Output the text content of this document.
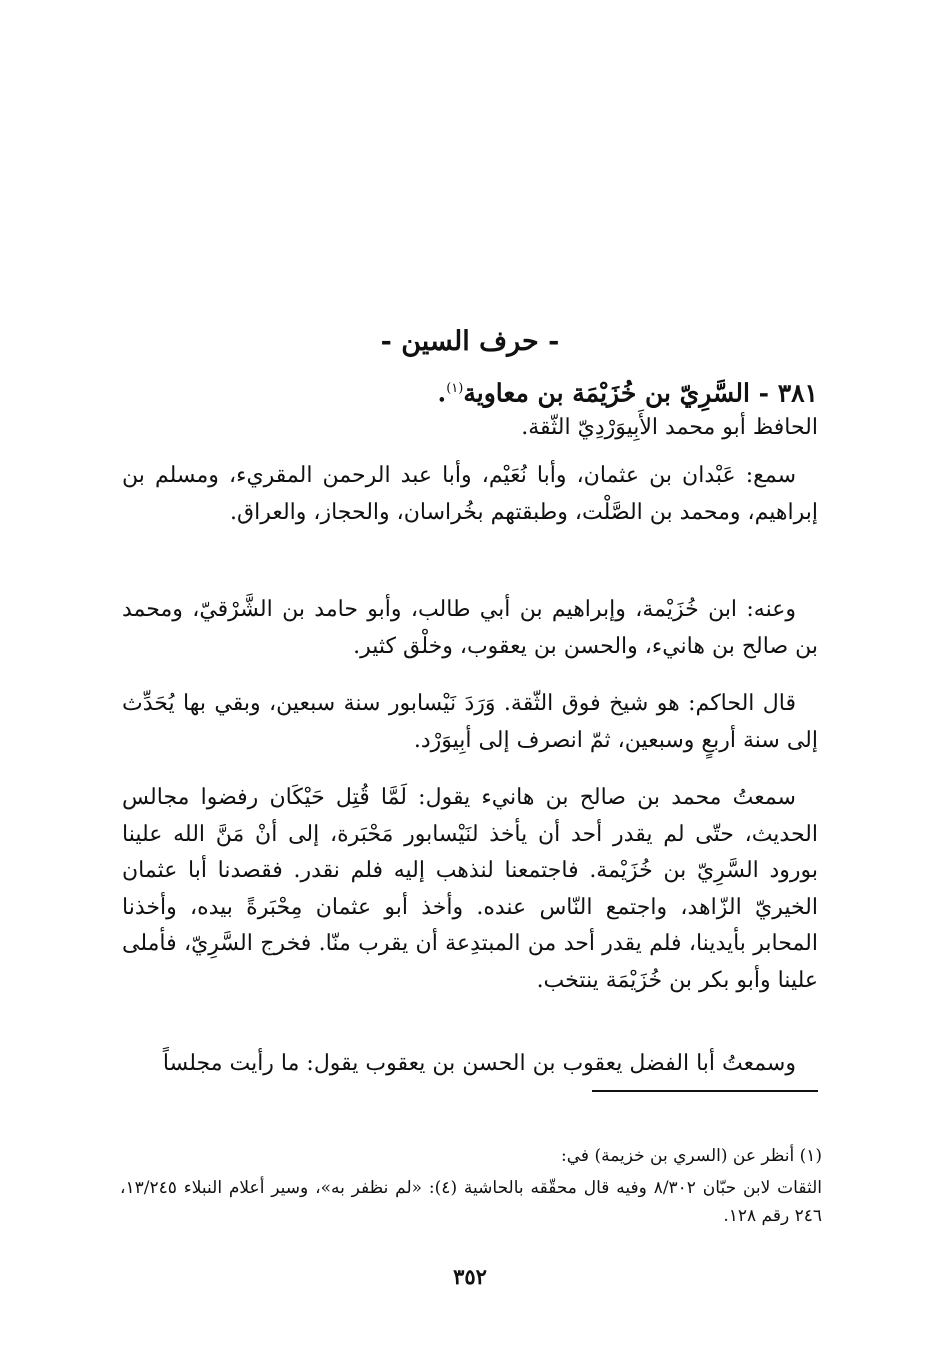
- حرف السين -
٣٨١ - السَّرِيّ بن خُزَيْمَة بن معاوية$^{(١)}$.
الحافظ أبو محمد الأَبِيوَرْدِيّ الثّقة.
سمع: عَبْدان بن عثمان، وأبا نُعَيْم، وأبا عبد الرحمن المقريء، ومسلم بن إبراهيم، ومحمد بن الصَّلْت، وطبقتهم بخُراسان، والحجاز، والعراق.
وعنه: ابن خُزَيْمة، وإبراهيم بن أبي طالب، وأبو حامد بن الشَّرْقيّ، ومحمد بن صالح بن هانيء، والحسن بن يعقوب، وخلْق كثير.
قال الحاكم: هو شيخ فوق الثّقة. وَرَدَ نَيْسابور سنة سبعين، وبقي بها يُحَدِّث إلى سنة أربعٍ وسبعين، ثمّ انصرف إلى أبِيوَرْد.
سمعتُ محمد بن صالح بن هانيء يقول: لَمَّا قُتِل حَيْكَان رفضوا مجالس الحديث، حتّى لم يقدر أحد أن يأخذ لنَيْسابور مَحْبَرة، إلى أنْ مَنَّ الله علينا بورود السَّرِيّ بن خُزَيْمة. فاجتمعنا لنذهب إليه فلم نقدر. فقصدنا أبا عثمان الخيريّ الزّاهد، واجتمع النّاس عنده. وأخذ أبو عثمان مِحْبَرةً بيده، وأخذنا المحابر بأيدينا، فلم يقدر أحد من المبتدِعة أن يقرب منّا. فخرج السَّرِيّ، فأملى علينا وأبو بكر بن خُزَيْمَة ينتخب.
وسمعتُ أبا الفضل يعقوب بن الحسن بن يعقوب يقول: ما رأيت مجلساً
(١) أنظر عن (السري بن خزيمة) في:
الثقات لابن حبّان ٨/٣٠٢ وفيه قال محقّقه بالحاشية (٤): «لم نظفر به»، وسير أعلام النبلاء ١٣/٢٤٥، ٢٤٦ رقم ١٢٨.
٣٥٢
